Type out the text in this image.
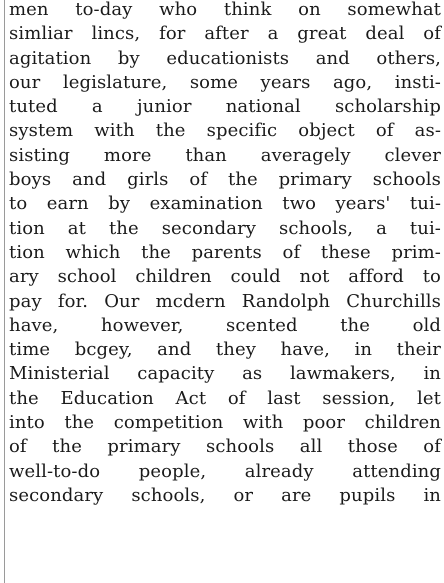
men to-day who think on somewhat
simliar lincs, for after a great deal of
agitation by educationists and others,
our legislature, some years ago, insti-
tuted a junior national scholarship
system with the specific object of as-
sisting more than averagely clever
boys and girls of the primary schools
to earn by examination two years' tui-
tion at the secondary schools, a tui-
tion which the parents of these prim-
ary school children could not afford to
pay for. Our mcdern Randolph Churchills
have, however, scented the old
time bcgey, and they have, in their
Ministerial capacity as lawmakers, in
the Education Act of last session, let
into the competition with poor children
of the primary schools all those of
well-to-do people, already attending
secondary schools, or are pupils in
